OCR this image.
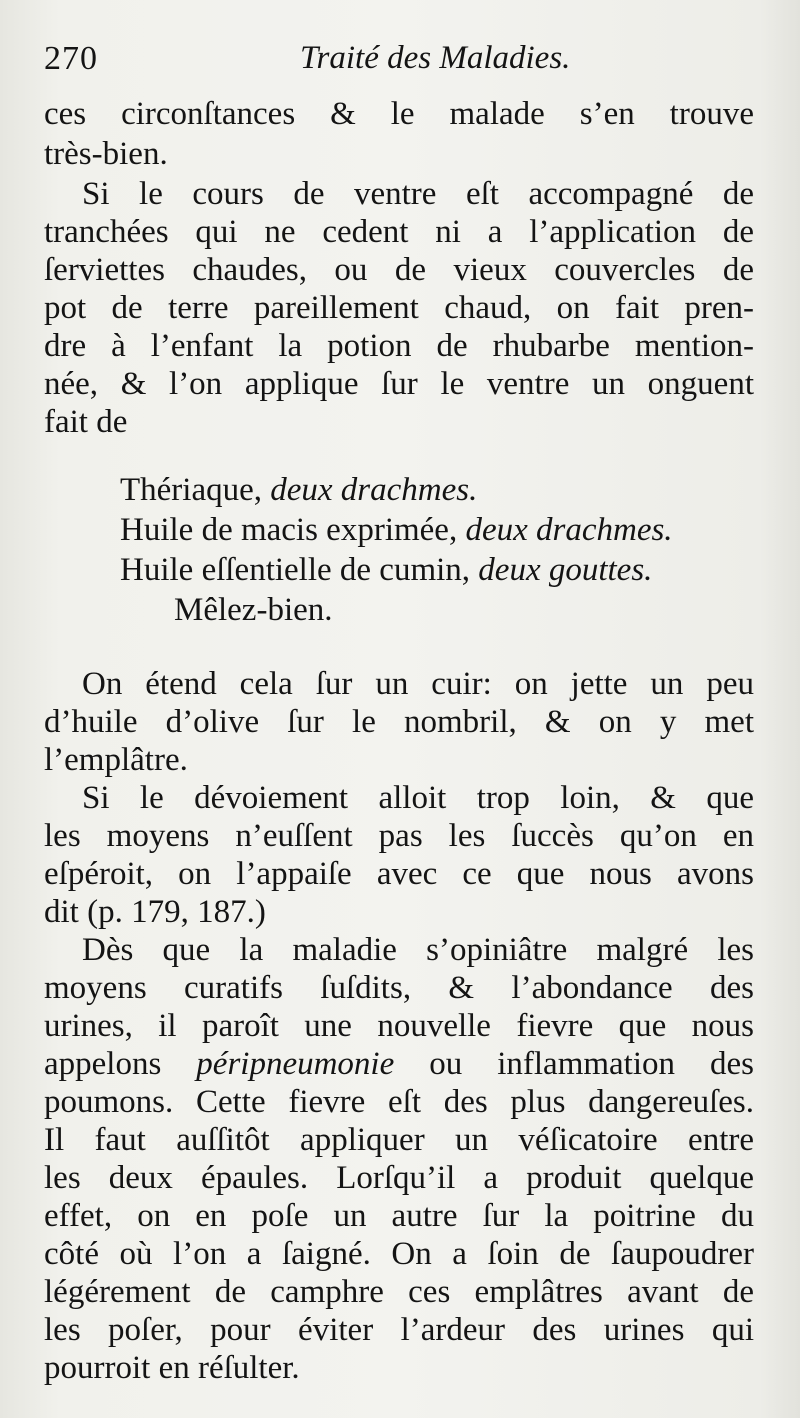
270	Traité des Maladies.
ces circonſtances & le malade s’en trouve
très-bien.
Si le cours de ventre eſt accompagné de
tranchées qui ne cedent ni a l’application de
ſerviettes chaudes, ou de vieux couvercles de
pot de terre pareillement chaud, on fait pren-
dre à l’enfant la potion de rhubarbe mention-
née, & l’on applique ſur le ventre un onguent
fait de
Thériaque, deux drachmes.
Huile de macis exprimée, deux drachmes.
Huile eſſentielle de cumin, deux gouttes.
Mêlez-bien.
On étend cela ſur un cuir: on jette un peu
d’huile d’olive ſur le nombril, & on y met
l’emplâtre.
Si le dévoiement alloit trop loin, & que
les moyens n’euſſent pas les ſuccès qu’on en
eſpéroit, on l’appaiſe avec ce que nous avons
dit (p. 179, 187.)
Dès que la maladie s’opiniâtre malgré les
moyens curatifs ſuſdits, & l’abondance des
urines, il paroît une nouvelle fievre que nous
appelons péripneumonie ou inflammation des
poumons. Cette fievre eſt des plus dangereuſes.
Il faut auſſitôt appliquer un véſicatoire entre
les deux épaules. Lorſqu’il a produit quelque
effet, on en poſe un autre ſur la poitrine du
côté où l’on a ſaigné. On a ſoin de ſaupoudrer
légérement de camphre ces emplâtres avant de
les poſer, pour éviter l’ardeur des urines qui
pourroit en réſulter.
